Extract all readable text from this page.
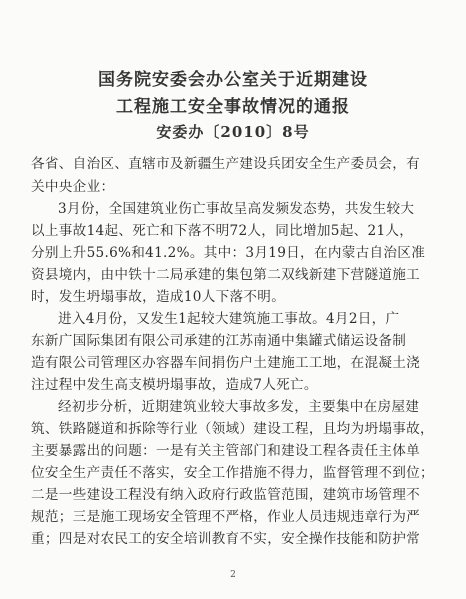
国务院安委会办公室关于近期建设
工程施工安全事故情况的通报
安委办〔2010〕8号
各省、自治区、直辖市及新疆生产建设兵团安全生产委员会，有
关中央企业：
3月份，全国建筑业伤亡事故呈高发频发态势，共发生较大
以上事故14起、死亡和下落不明72人，同比增加5起、21人，
分别上升55.6%和41.2%。其中：3月19日，在内蒙古自治区准
资县境内，由中铁十二局承建的集包第二双线新建下营隧道施工
时，发生坍塌事故，造成10人下落不明。
进入4月份，又发生1起较大建筑施工事故。4月2日，广
东新广国际集团有限公司承建的江苏南通中集罐式储运设备制
造有限公司管理区办容器车间捐伤户土建施工工地，在混凝土浇
注过程中发生高支模坍塌事故，造成7人死亡。
经初步分析，近期建筑业较大事故多发，主要集中在房屋建
筑、铁路隧道和拆除等行业（领域）建设工程，且均为坍塌事故，
主要暴露出的问题：一是有关主管部门和建设工程各责任主体单
位安全生产责任不落实，安全工作措施不得力，监督管理不到位；
二是一些建设工程没有纳入政府行政监管范围，建筑市场管理不
规范；三是施工现场安全管理不严格，作业人员违规违章行为严
重；四是对农民工的安全培训教育不实，安全操作技能和防护常
2
